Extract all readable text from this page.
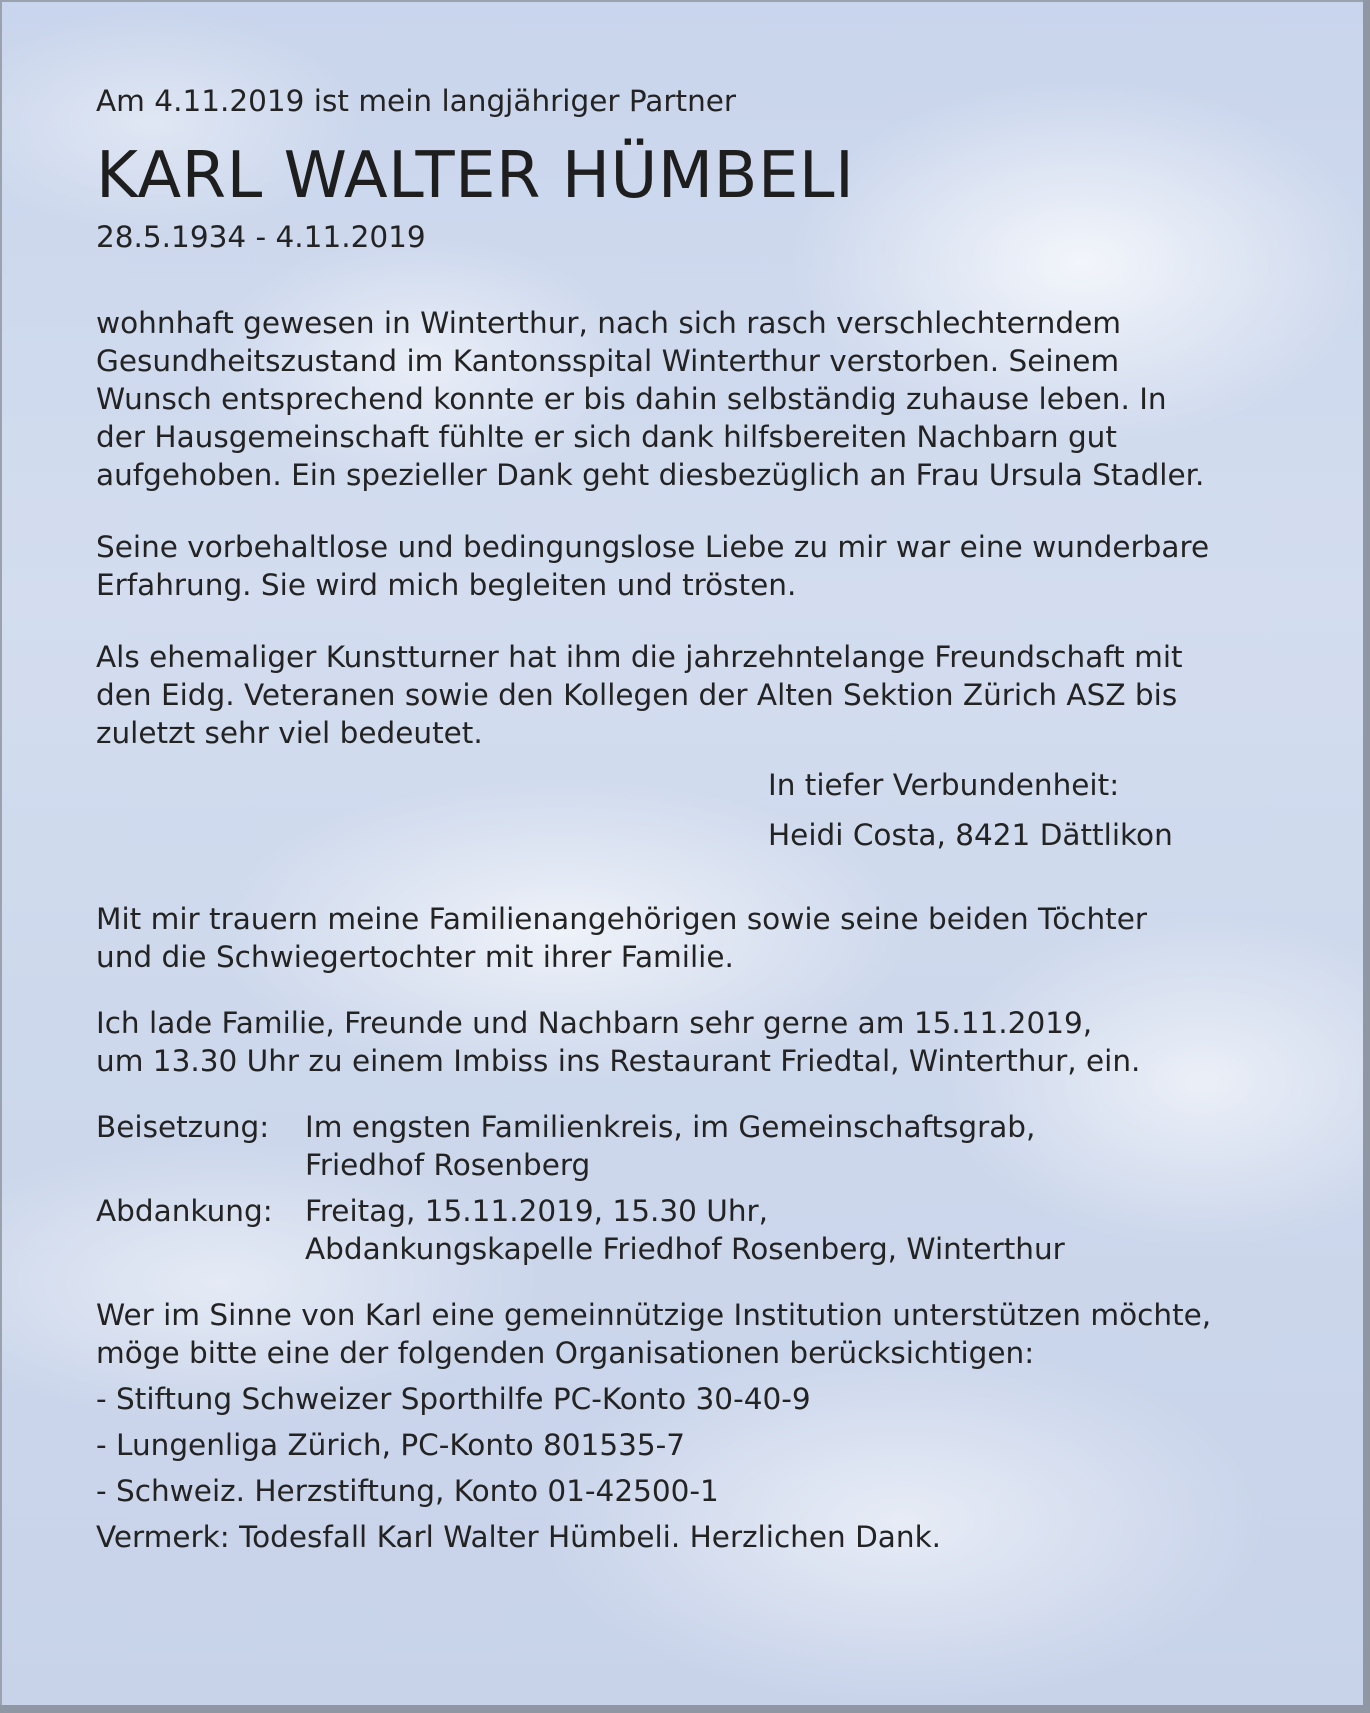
Am 4.11.2019 ist mein langjähriger Partner

KARL WALTER HÜMBELI

28.5.1934 - 4.11.2019

wohnhaft gewesen in Winterthur, nach sich rasch verschlechterndem

Gesundheitszustand im Kantonsspital Winterthur verstorben. Seinem

Wunsch entsprechend konnte er bis dahin selbständig zuhause leben. In

der Hausgemeinschaft fühlte er sich dank hilfsbereiten Nachbarn gut

aufgehoben. Ein spezieller Dank geht diesbezüglich an Frau Ursula Stadler.

Seine vorbehaltlose und bedingungslose Liebe zu mir war eine wunderbare

Erfahrung. Sie wird mich begleiten und trösten.

Als ehemaliger Kunstturner hat ihm die jahrzehntelange Freundschaft mit

den Eidg. Veteranen sowie den Kollegen der Alten Sektion Zürich ASZ bis

zuletzt sehr viel bedeutet.

In tiefer Verbundenheit:

Heidi Costa, 8421 Dättlikon

Mit mir trauern meine Familienangehörigen sowie seine beiden Töchter

und die Schwiegertochter mit ihrer Familie.

Ich lade Familie, Freunde und Nachbarn sehr gerne am 15.11.2019,

um 13.30 Uhr zu einem Imbiss ins Restaurant Friedtal, Winterthur, ein.

Beisetzung:	Im engsten Familienkreis, im Gemeinschaftsgrab,

Friedhof Rosenberg

Abdankung:	Freitag, 15.11.2019, 15.30 Uhr,

Abdankungskapelle Friedhof Rosenberg, Winterthur

Wer im Sinne von Karl eine gemeinnützige Institution unterstützen möchte,

möge bitte eine der folgenden Organisationen berücksichtigen:

- Stiftung Schweizer Sporthilfe PC-Konto 30-40-9

- Lungenliga Zürich, PC-Konto 801535-7

- Schweiz. Herzstiftung, Konto 01-42500-1

Vermerk: Todesfall Karl Walter Hümbeli. Herzlichen Dank.
